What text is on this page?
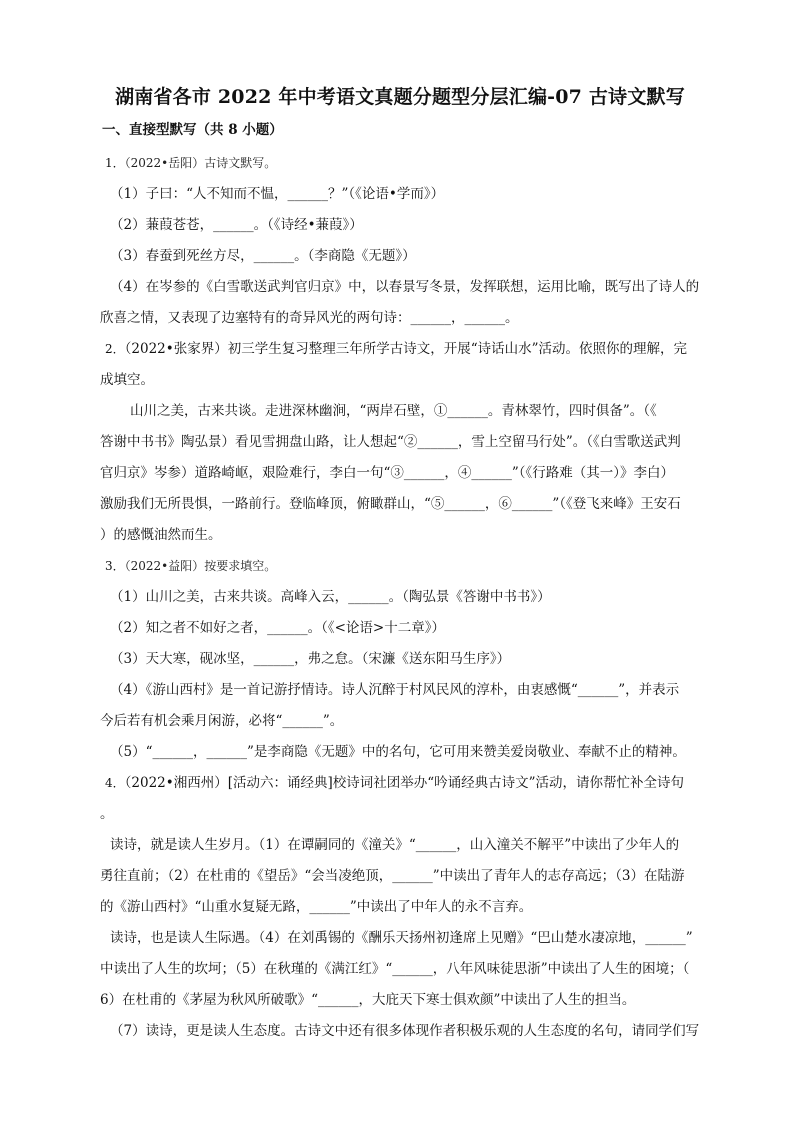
湖南省各市 2022 年中考语文真题分题型分层汇编-07 古诗文默写
一、直接型默写（共 8 小题）
1．（2022•岳阳）古诗文默写。
（1）子曰：“人不知而不愠，______？”（《论语•学而》）
（2）蒹葭苍苍，______。（《诗经•蒹葭》）
（3）春蚕到死丝方尽，______。（李商隐《无题》）
（4）在岑参的《白雪歌送武判官归京》中，以春景写冬景，发挥联想，运用比喻，既写出了诗人的
欣喜之情，又表现了边塞特有的奇异风光的两句诗：______，______。
2．（2022•张家界）初三学生复习整理三年所学古诗文，开展“诗话山水”活动。依照你的理解，完
成填空。
山川之美，古来共谈。走进深林幽涧，“两岸石壁，①______。青林翠竹，四时俱备”。（《
答谢中书书》陶弘景）看见雪拥盘山路，让人想起“②______，雪上空留马行处”。（《白雪歌送武判
官归京》岑参）道路崎岖，艰险难行，李白一句“③______，④______”（《行路难（其一）》李白）
激励我们无所畏惧，一路前行。登临峰顶，俯瞰群山，“⑤______，⑥______”（《登飞来峰》王安石
）的感慨油然而生。
3．（2022•益阳）按要求填空。
（1）山川之美，古来共谈。高峰入云，______。（陶弘景《答谢中书书》）
（2）知之者不如好之者，______。（《<论语>十二章》）
（3）天大寒，砚冰坚，______，弗之怠。（宋濂《送东阳马生序》）
（4）《游山西村》是一首记游抒情诗。诗人沉醉于村风民风的淳朴，由衷感慨“______”，并表示
今后若有机会乘月闲游，必将“______”。
（5）“______，______”是李商隐《无题》中的名句，它可用来赞美爱岗敬业、奉献不止的精神。
4．（2022•湘西州）[活动六：诵经典]校诗词社团举办“吟诵经典古诗文”活动，请你帮忙补全诗句
。
读诗，就是读人生岁月。（1）在谭嗣同的《潼关》“______，山入潼关不解平”中读出了少年人的
勇往直前；（2）在杜甫的《望岳》“会当凌绝顶，______”中读出了青年人的志存高远；（3）在陆游
的《游山西村》“山重水复疑无路，______”中读出了中年人的永不言弃。
读诗，也是读人生际遇。（4）在刘禹锡的《酬乐天扬州初逢席上见赠》“巴山楚水凄凉地，______”
中读出了人生的坎坷；（5）在秋瑾的《满江红》“______，八年风味徒思浙”中读出了人生的困境；（
6）在杜甫的《茅屋为秋风所破歌》“______，大庇天下寒士俱欢颜”中读出了人生的担当。
（7）读诗，更是读人生态度。古诗文中还有很多体现作者积极乐观的人生态度的名句，请同学们写
